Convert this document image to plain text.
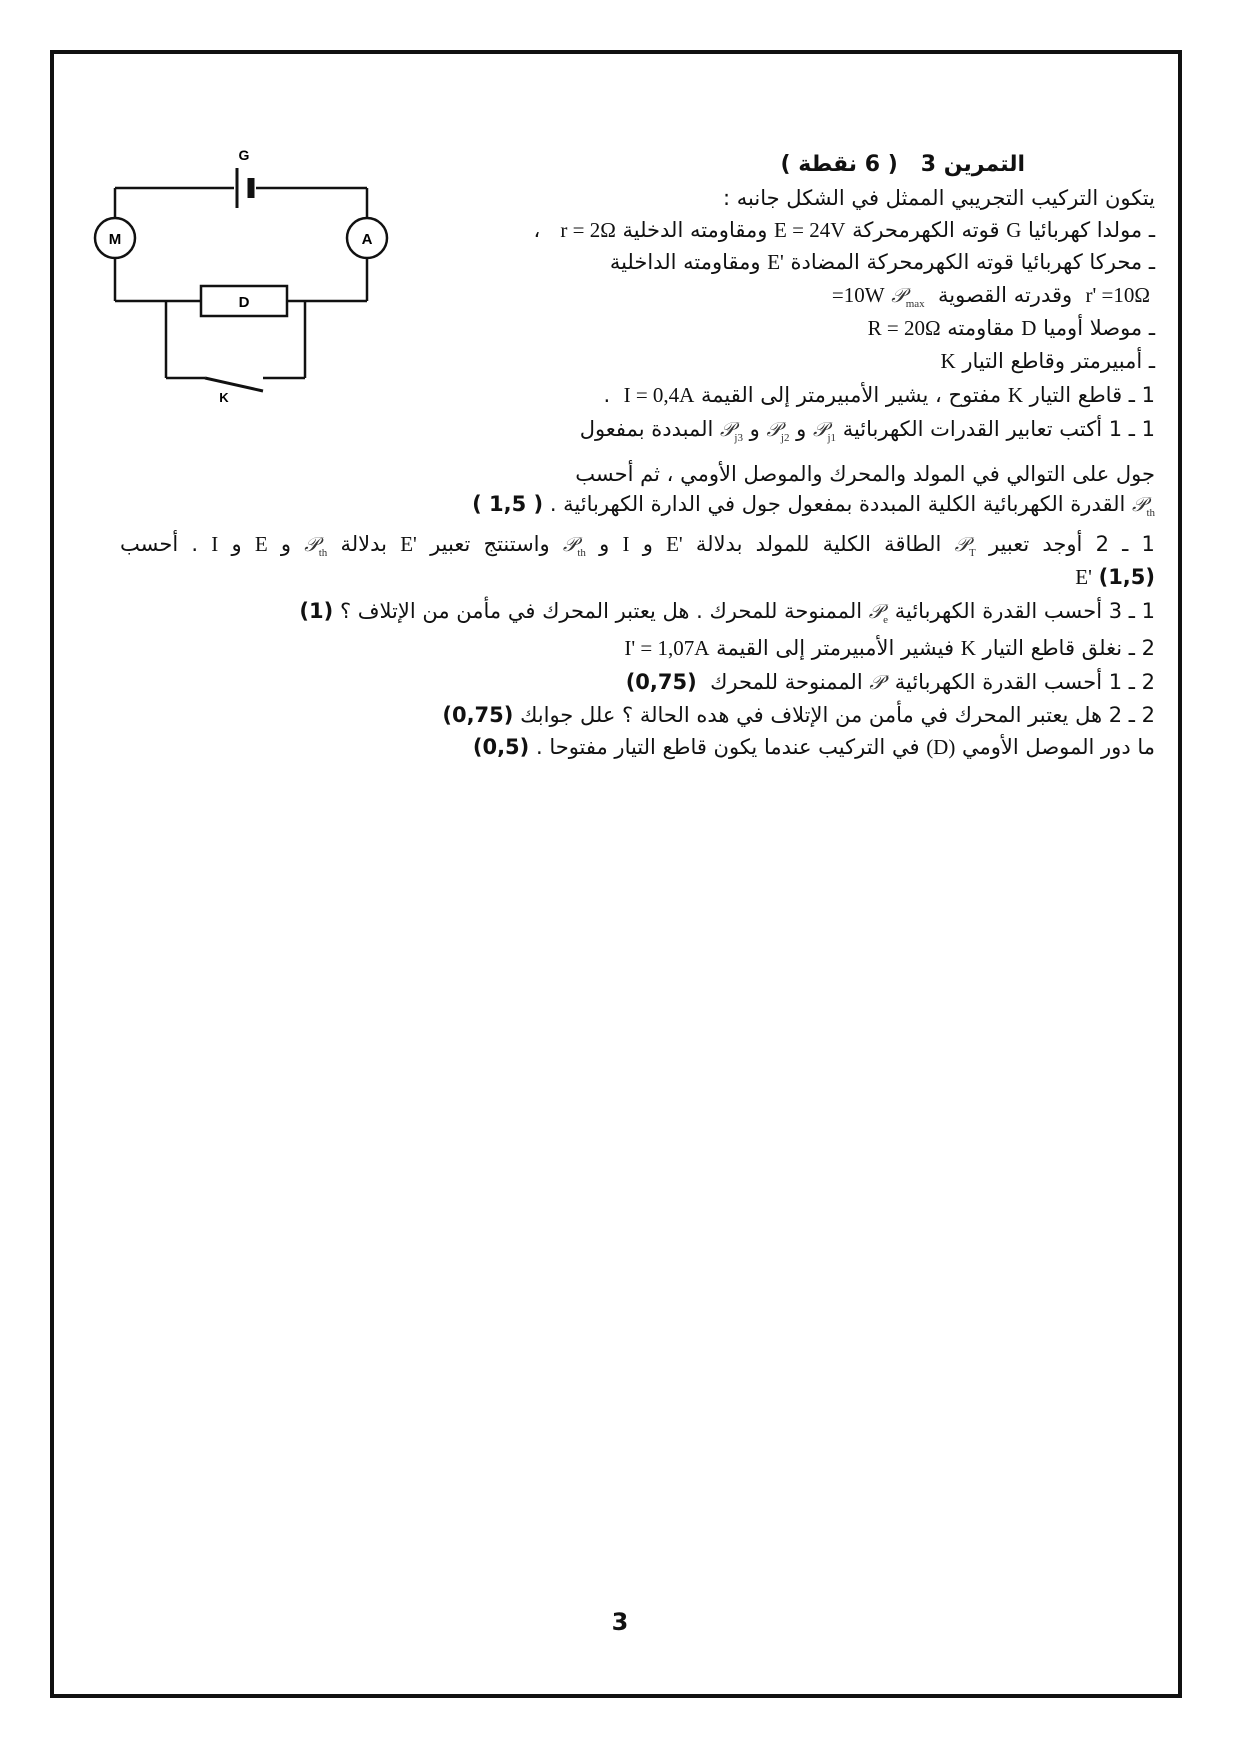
G
A
M
D
K
التمرين 3   ( 6 نقطة )
يتكون التركيب التجريبي الممثل في الشكل جانبه :
ـ مولدا كهربائيا G قوته الكهرمحركة E = 24V ومقاومته الدخلية r = 2Ω   ،
ـ محركا كهربائيا قوته الكهرمحركة المضادة E' ومقاومته الداخلية
r' =10Ω  وقدرته القصوية  𝒫$_{max}$ =10W
ـ موصلا أوميا D مقاومته R = 20Ω
ـ أمبيرمتر وقاطع التيار K
1 ـ قاطع التيار K مفتوح ، يشير الأمبيرمتر إلى القيمة I = 0,4A  .
1 ـ 1 أكتب تعابير القدرات الكهربائية 𝒫$_{j1}$ و 𝒫$_{j2}$ و 𝒫$_{j3}$ المبددة بمفعول
جول على التوالي في المولد والمحرك والموصل الأومي ، ثم أحسب
𝒫$_{th}$ القدرة الكهربائية الكلية المبددة بمفعول جول في الدارة الكهربائية . ( 1,5 )
1 ـ 2 أوجد تعبير 𝒫$_T$ الطاقة الكلية للمولد بدلالة E' و I و 𝒫$_{th}$ واستنتج تعبير E' بدلالة 𝒫$_{th}$ و E و I . أحسب
(1,5) E'
1 ـ 3 أحسب القدرة الكهربائية 𝒫$_e$ الممنوحة للمحرك . هل يعتبر المحرك في مأمن من الإتلاف ؟ (1)
2 ـ نغلق قاطع التيار K فيشير الأمبيرمتر إلى القيمة I' = 1,07A
2 ـ 1 أحسب القدرة الكهربائية 𝒫' الممنوحة للمحرك  (0,75)
2 ـ 2 هل يعتبر المحرك في مأمن من الإتلاف في هده الحالة ؟ علل جوابك (0,75)
ما دور الموصل الأومي (D) في التركيب عندما يكون قاطع التيار مفتوحا . (0,5)
3
